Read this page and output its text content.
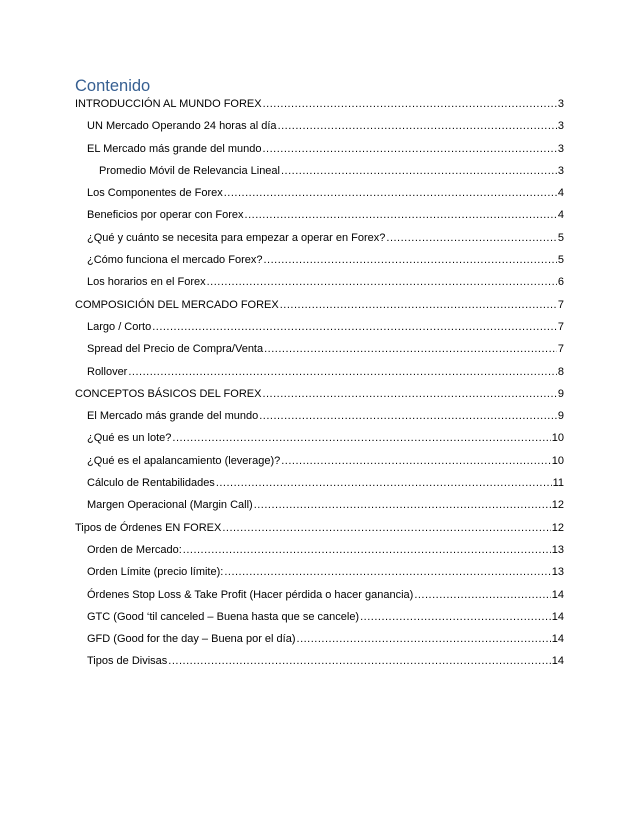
Contenido
INTRODUCCIÓN AL MUNDO FOREX .....	3
UN Mercado Operando 24 horas al día .....	3
EL Mercado más grande del mundo .....	3
Promedio Móvil de Relevancia Lineal .....	3
Los Componentes de Forex .....	4
Beneficios por operar con Forex .....	4
¿Qué y cuánto se necesita para empezar a operar en Forex? .....	5
¿Cómo funciona el mercado Forex? .....	5
Los horarios en el Forex .....	6
COMPOSICIÓN DEL MERCADO FOREX .....	7
Largo / Corto .....	7
Spread del Precio de Compra/Venta .....	7
Rollover .....	8
CONCEPTOS BÁSICOS DEL FOREX .....	9
El Mercado más grande del mundo .....	9
¿Qué es un lote? .....	10
¿Qué es el apalancamiento (leverage)? .....	10
Cálculo de Rentabilidades .....	11
Margen Operacional (Margin Call) .....	12
Tipos de Órdenes EN FOREX .....	12
Orden de Mercado: .....	13
Orden Límite (precio límite): .....	13
Órdenes Stop Loss & Take Profit (Hacer pérdida o hacer ganancia) .....	14
GTC (Good ‘til canceled – Buena hasta que se cancele) .....	14
GFD (Good for the day – Buena por el día) .....	14
Tipos de Divisas .....	14
